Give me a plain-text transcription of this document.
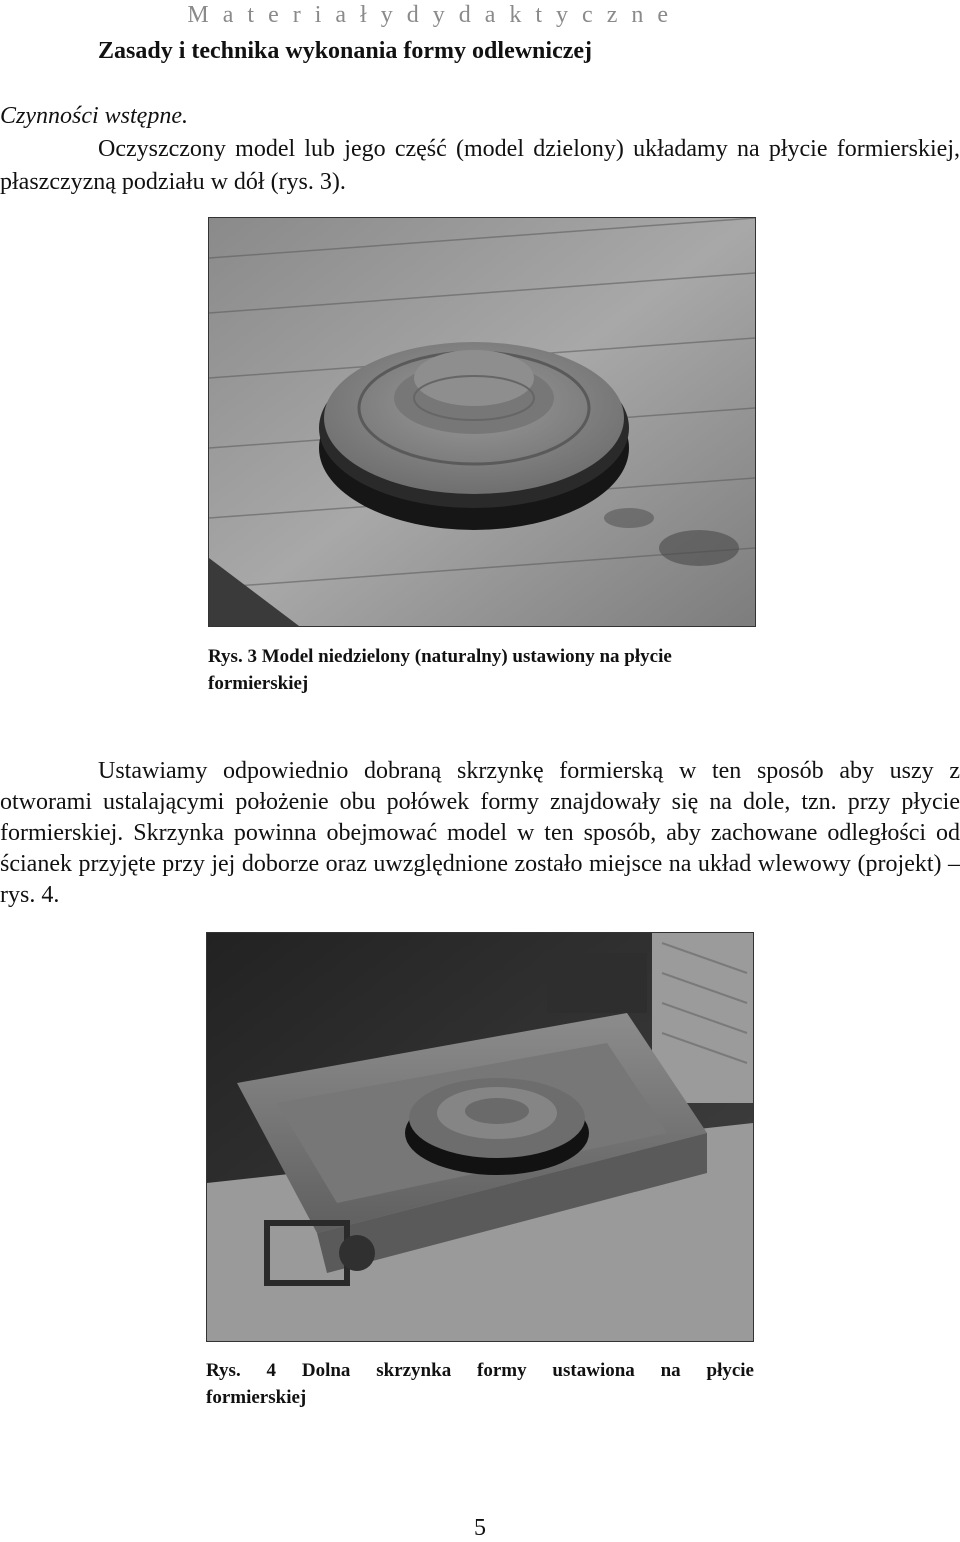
M a t e r i a ł y d y d a k t y c z n e
Zasady i technika wykonania formy odlewniczej
Czynności wstępne.
Oczyszczony model lub jego część (model dzielony) układamy na płycie formierskiej, płaszczyzną podziału w dół (rys. 3).
Rys. 3 Model niedzielony (naturalny) ustawiony na płycie
formierskiej
Ustawiamy odpowiednio dobraną skrzynkę formierską w ten sposób aby uszy z otworami ustalającymi położenie obu połówek formy znajdowały się na dole, tzn. przy płycie formierskiej. Skrzynka powinna obejmować model w ten sposób, aby zachowane odległości od ścianek przyjęte przy jej doborze oraz uwzględnione zostało miejsce na układ wlewowy (projekt) – rys. 4.
Rys. 4 Dolna skrzynka formy ustawiona na płycie
formierskiej
5
